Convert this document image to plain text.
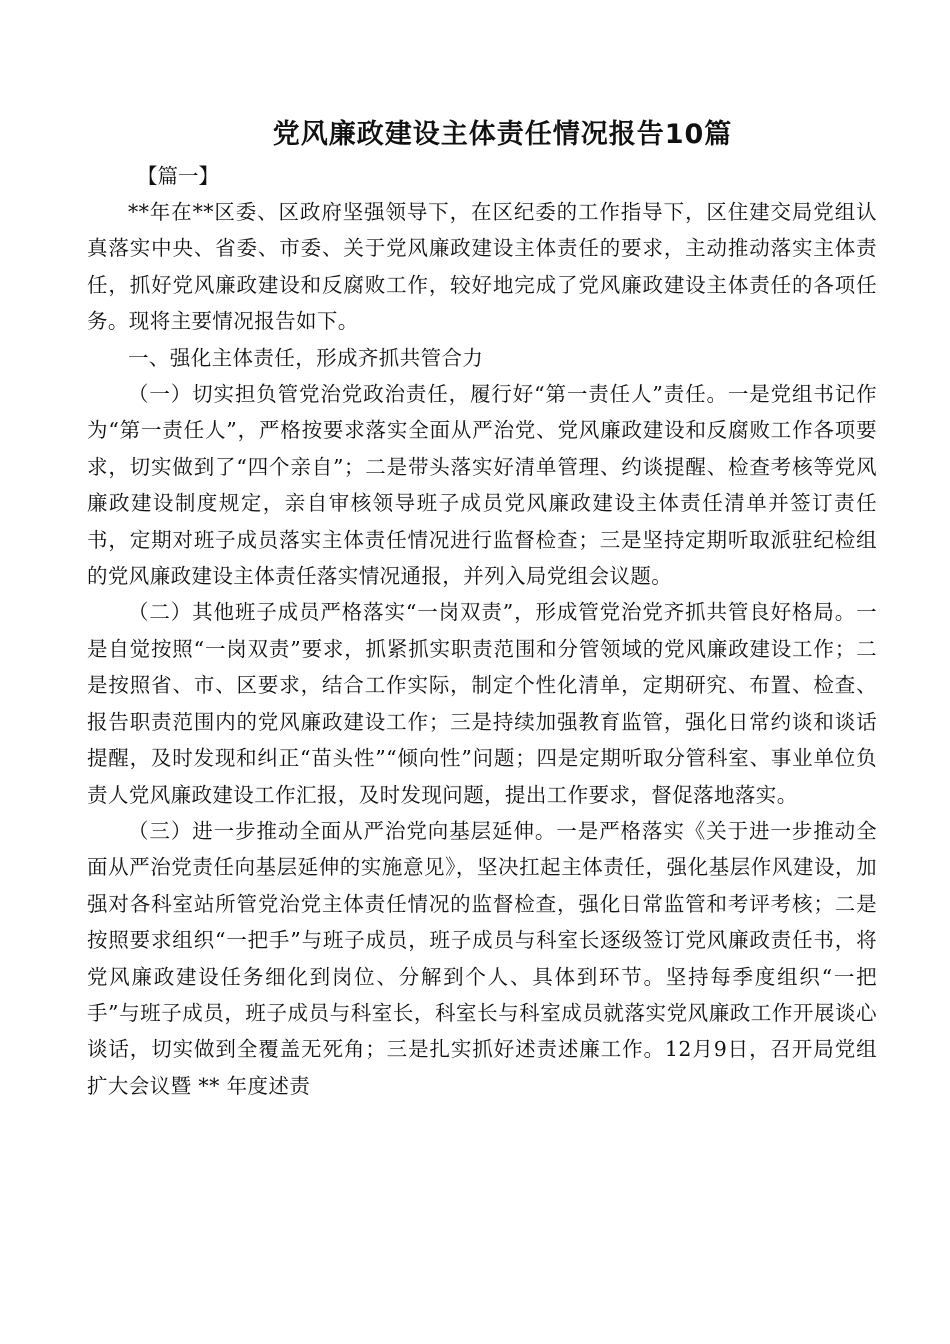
党风廉政建设主体责任情况报告10篇

【篇一】

**年在**区委、区政府坚强领导下，在区纪委的工作指导下，区住建交局党组认真落实中央、省委、市委、关于党风廉政建设主体责任的要求，主动推动落实主体责任，抓好党风廉政建设和反腐败工作，较好地完成了党风廉政建设主体责任的各项任务。现将主要情况报告如下。

一、强化主体责任，形成齐抓共管合力

（一）切实担负管党治党政治责任，履行好“第一责任人”责任。一是党组书记作为“第一责任人”，严格按要求落实全面从严治党、党风廉政建设和反腐败工作各项要求，切实做到了“四个亲自”；二是带头落实好清单管理、约谈提醒、检查考核等党风廉政建设制度规定，亲自审核领导班子成员党风廉政建设主体责任清单并签订责任书，定期对班子成员落实主体责任情况进行监督检查；三是坚持定期听取派驻纪检组的党风廉政建设主体责任落实情况通报，并列入局党组会议题。

（二）其他班子成员严格落实“一岗双责”，形成管党治党齐抓共管良好格局。一是自觉按照“一岗双责”要求，抓紧抓实职责范围和分管领域的党风廉政建设工作；二是按照省、市、区要求，结合工作实际，制定个性化清单，定期研究、布置、检查、报告职责范围内的党风廉政建设工作；三是持续加强教育监管，强化日常约谈和谈话提醒，及时发现和纠正“苗头性”“倾向性”问题；四是定期听取分管科室、事业单位负责人党风廉政建设工作汇报，及时发现问题，提出工作要求，督促落地落实。

（三）进一步推动全面从严治党向基层延伸。一是严格落实《关于进一步推动全面从严治党责任向基层延伸的实施意见》，坚决扛起主体责任，强化基层作风建设，加强对各科室站所管党治党主体责任情况的监督检查，强化日常监管和考评考核；二是按照要求组织“一把手”与班子成员，班子成员与科室长逐级签订党风廉政责任书，将党风廉政建设任务细化到岗位、分解到个人、具体到环节。坚持每季度组织“一把手”与班子成员，班子成员与科室长，科室长与科室成员就落实党风廉政工作开展谈心谈话，切实做到全覆盖无死角；三是扎实抓好述责述廉工作。12月9日，召开局党组扩大会议暨 ** 年度述责
